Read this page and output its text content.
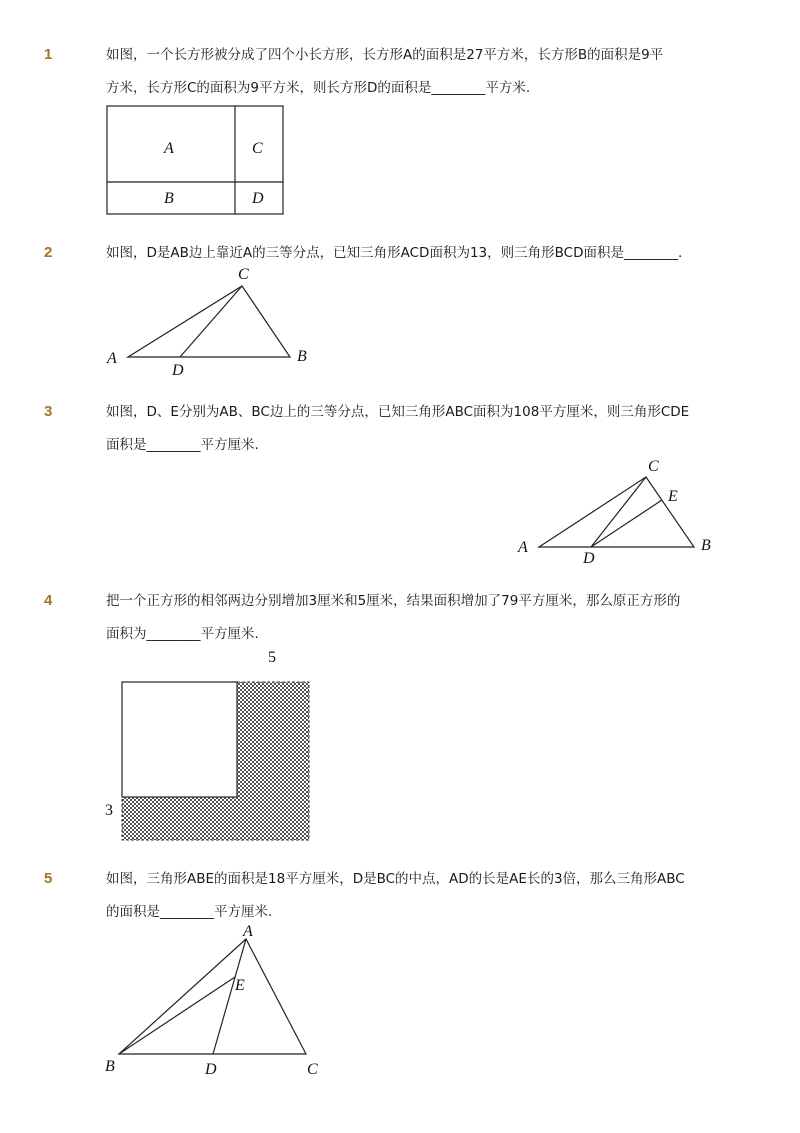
1	如图，一个长方形被分成了四个小长方形，长方形A的面积是27平方米，长方形B的面积是9平
方米，长方形C的面积为9平方米，则长方形D的面积是________平方米.
A	C
B	D
2	如图，D是AB边上靠近A的三等分点，已知三角形ACD面积为13，则三角形BCD面积是________.
C
A
D
B
3	如图，D、E分别为AB、BC边上的三等分点，已知三角形ABC面积为108平方厘米，则三角形CDE
面积是________平方厘米.
C
E
A
D
B
4	把一个正方形的相邻两边分别增加3厘米和5厘米，结果面积增加了79平方厘米，那么原正方形的
面积为________平方厘米.
5
3
5	如图，三角形ABE的面积是18平方厘米，D是BC的中点，AD的长是AE长的3倍，那么三角形ABC
的面积是________平方厘米.
A
E
B	D	C
